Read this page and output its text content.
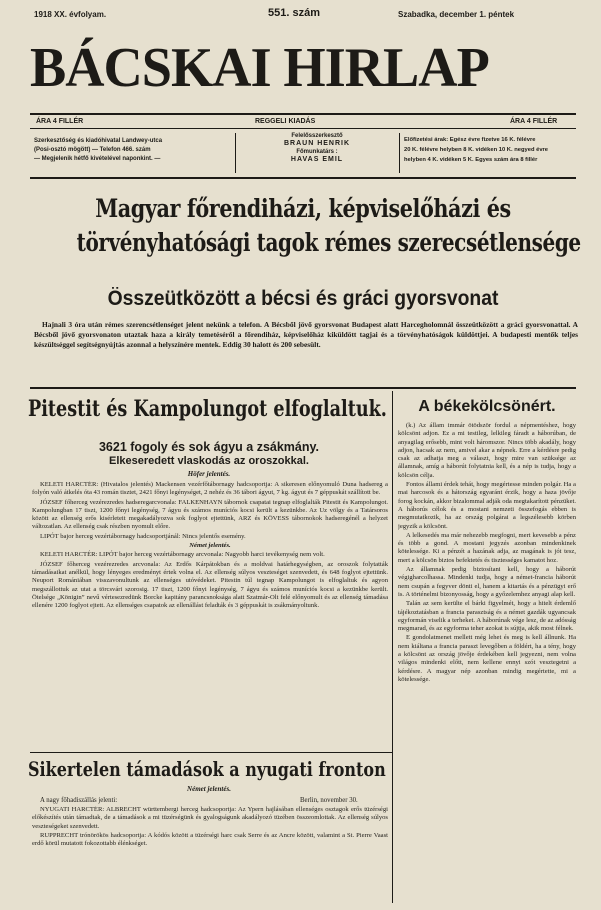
1918 XX. évfolyam.	551. szám	Szabadka, december 1. péntek
BÁCSKAI HIRLAP
ÁRA 4 FILLÉR	REGGELI KIADÁS	ÁRA 4 FILLÉR
Szerkesztőség és kiadóhivatal Landwey-utca
(Posi-osztó mögött) — Telefon 466. szám
— Megjelenik hétfő kivételével naponkint. —
Felelősszerkesztő
BRAUN HENRIK
Főmunkatárs :
HAVAS EMIL
Előfizetési árak: Egész évre fizetve 16 K. félévre
20 K. félévre helyben 8 K. vidéken 10 K. negyed évre
helyben 4 K. vidéken 5 K. Egyes szám ára 8 fillér
Magyar főrendiházi, képviselőházi és
törvényhatósági tagok rémes szerecsétlensége
Összeütközött a bécsi és gráci gyorsvonat

Hajnali 3 óra után rémes szerencsétlenséget jelent nekünk a telefon. A Bécsből jövő gyorsvonat Budapest alatt Harcegholomnál összeütközött a gráci gyorsvonattal. A Bécsből jövő gyorsvonaton utaztak haza a király temetéséről a főrendiház, képviselőház kiküldött tagjai és a törvényhatóságok küldöttjei. A budapesti mentők teljes készültséggel segítségnyújtás azonnal a helyszínére mentek. Eddig 30 halott és 200 sebesült.

Pitestit és Kampolungot elfoglaltuk.
3621 fogoly és sok ágyu a zsákmány.
Elkeseredett vlaskodás az oroszokkal.
Höfer jelentés.

KELETI HARCTÉR: (Hivatalos jelentés) Mackensen vezérfőtábornagy hadcsoportja: A sikeresen előnyomuló Duna hadsereg a folyón való átkelés óta 43 román tisztet, 2421 főnyi legénységet, 2 nehéz és 36 tábori ágyut, 7 kg. ágyut és 7 géppuskát szállított be.

JÓZSEF főherceg vezérezredes hadseregarcvonala: FALKENHAYN tábornok csapatai tegnap elfoglalták Pitestit és Kampolungot. Kampolungban 17 tiszt, 1200 főnyi legénység, 7 ágyu és számos muníciós kocsi került a kezünkbe. Az Uz völgy és a Tatársoros között az ellenség erős kisérleteit megakadályozva sok foglyot ejtettünk, ARZ és KÖVESS tábornokok hadseregénél a helyzet változatlan. Az ellenség csak részben nyomult előre.

LIPÓT bajor herceg vezértábornagy hadcsoportjánál: Nincs jelentős esemény.

Német jelentés.

KELETI HARCTÉR: LIPÓT bajor herceg vezértábornagy arcvonala: Nagyobb harci tevékenység nem volt.

JÓZSEF főherceg vezérezredes arcvonala: Az Erdős Kárpátokban és a moldvai határhegységben, az oroszok folytatták támadásaikat anélkül, hogy lényeges eredményt értek volna el. Az ellenség súlyos veszteséget szenvedett, és 648 foglyot ejtettünk. Neuport Romániában visszavonultunk az ellenséges utóvédeket. Pitestin túl tegnap Kampolungot is elfoglaltuk és agyon megszállottuk az utat a törcsvári szorosig. 17 tiszt, 1200 főnyi legénység, 7 ágyu és számos muníciós kocsi a kezünkbe került. Ötelsége „Königin” nevű vértesezredünk Borcke kapitány parancsnoksága alatt Szatmár-Olt felé előnyomult és az ellenség támadása ellenére 1200 foglyot ejtett. Az ellenséges csapatok az ellenállást feladták és 3 géppuskát is zsákmányoltunk.

Sikertelen támadások a nyugati fronton
Német jelentés.
A nagy főhadiszállás jelenti:	Berlin, november 30.

NYUGATI HARCTÉR: ALBRECHT württembergi herceg hadcsoportja: Az Ypern hajlásában ellenséges osztagok erős tüzérségi előkészítés után támadtak, de a támadások a mi tüzérségünk és gyalogságunk akadályozó tüzében összeomlottak. Az ellenség súlyos veszteségeket szenvedett.

RUPPRECHT trónörökös hadcsoportja: A kódós között a tüzérségi harc csak Serre és az Ancre között, valamint a St. Pierre Vaast erdő körül mutatott fokozottabb élénkséget.

A békekölcsönért.

(k.) Az állam immár ötödször fordul a népmentéshez, hogy kölcsönt adjon. Ez a mi testileg, lelkileg fáradt a háborúban, de anyagilag erősebb, mint volt háromszor. Nincs több akadály, hogy adjon, hacsak az nem, amivel akar a népnek. Erre a kérdésre pedig csak az adhatja meg a választ, hogy mire van szüksége az államnak, amíg a háborút folytatnia kell, és a nép is tudja, hogy a kölcsön célja.

Fontos állami érdek tehát, hogy megértesse minden polgár. Ha a mai harcosok és a hátország egyaránt érzik, hogy a haza jövője forog kockán, akkor bizalommal adják oda megtakarított pénzüket. A háborús célok és a mostani nemzeti összefogás ebben is megmutatkozik, ha az ország polgárai a legszélesebb körben jegyzik a kölcsönt.

A lelkesedés ma már nehezebb megfogni, mert kevesebb a pénz és több a gond. A mostani jegyzés azonban mindenkinek kötelessége. Ki a pénzét a hazának adja, az magának is jót tesz, mert a kölcsön biztos befektetés és tisztességes kamatot hoz.

Az államnak pedig biztosítani kell, hogy a háborút végigharcolhassa. Mindenki tudja, hogy a német-francia háborút nem csupán a fegyver dönti el, hanem a kitartás és a pénzügyi erő is. A történelmi bizonyosság, hogy a győzelemhez anyagi alap kell.

Talán az sem kerülte el bárki figyelmét, hogy a hitelt érdemlő tájékoztatásban a francia parasztság és a német gazdák ugyancsak egyformán viselik a terheket. A háborúnak vége lesz, de az adósság megmarad, és az egyforma teher azokat is sújtja, akik most félnek.

E gondolatmenet mellett még lehet és meg is kell állnunk. Ha nem kiáltana a francia paraszt levegőben a földért, ha a tény, hogy a kölcsönt az ország jövője érdekében kell jegyezni, nem volna világos mindenki előtt, nem kellene ennyi szót vesztegetni a kérdésre. A magyar nép azonban mindig megértette, mi a kötelessége.
